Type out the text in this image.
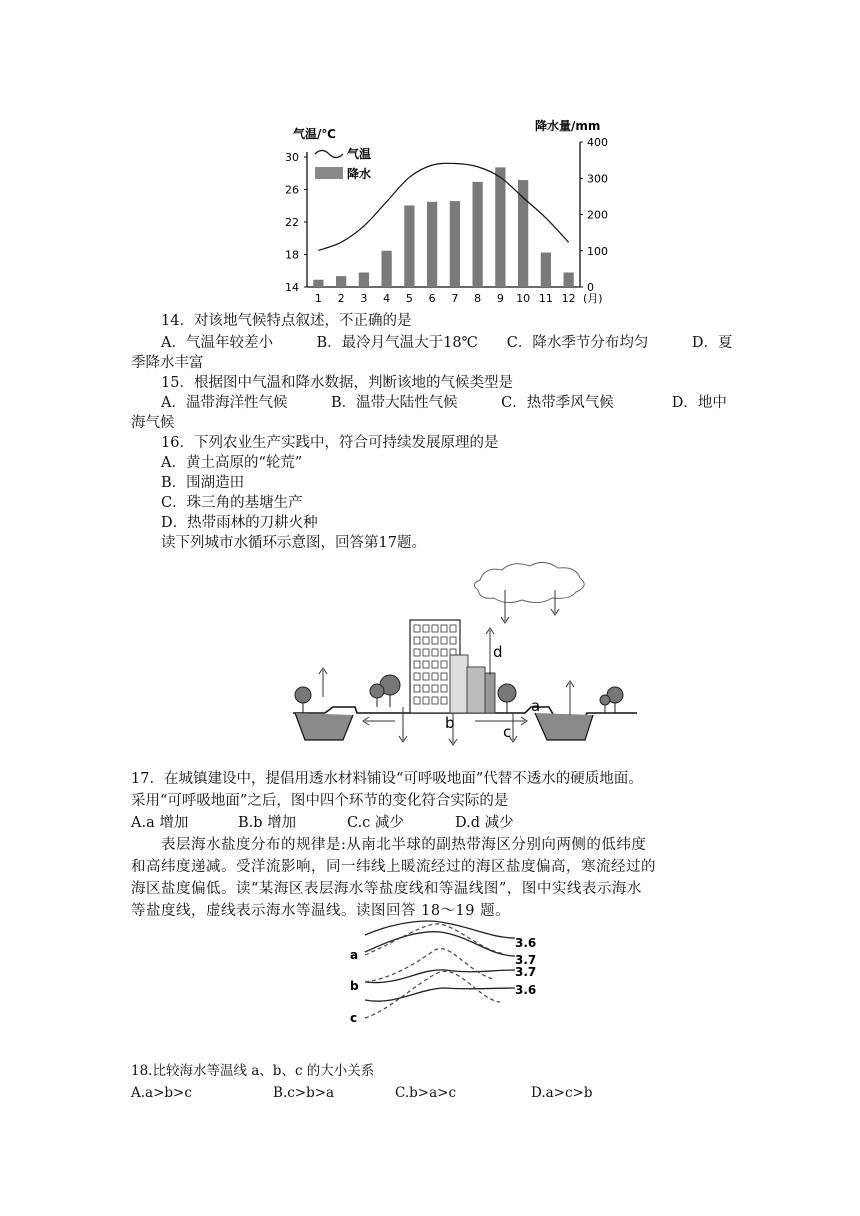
气温/℃
降水量/mm
30
26
22
18
14
400
300
200
100
0
气温
降水
1 2 3 4 5 6 7 8 9 10 11 12 (月)
14．对该地气候特点叙述，不正确的是
A．气温年较差小　　　B．最冷月气温大于18℃　　C．降水季节分布均匀　　　D．夏
季降水丰富
15．根据图中气温和降水数据，判断该地的气候类型是
A．温带海洋性气候　　　B．温带大陆性气候　　　C．热带季风气候　　　　D．地中
海气候
16．下列农业生产实践中，符合可持续发展原理的是
A．黄土高原的“轮荒”
B．围湖造田
C．珠三角的基塘生产
D．热带雨林的刀耕火种
读下列城市水循环示意图，回答第17题。
a
b	c
d
17．在城镇建设中，提倡用透水材料铺设“可呼吸地面”代替不透水的硬质地面。
采用“可呼吸地面”之后，图中四个环节的变化符合实际的是
A.a 增加	B.b 增加	C.c 减少	D.d 减少
表层海水盐度分布的规律是:从南北半球的副热带海区分别向两侧的低纬度
和高纬度递减。受洋流影响，同一纬线上暖流经过的海区盐度偏高，寒流经过的
海区盐度偏低。读“某海区表层海水等盐度线和等温线图”，图中实线表示海水
等盐度线，虚线表示海水等温线。读图回答 18～19 题。
3.6
3.7
3.7
3.6
a
b
c
18.比较海水等温线 a、b、c 的大小关系
A.a>b>c	B.c>b>a	C.b>a>c	D.a>c>b
